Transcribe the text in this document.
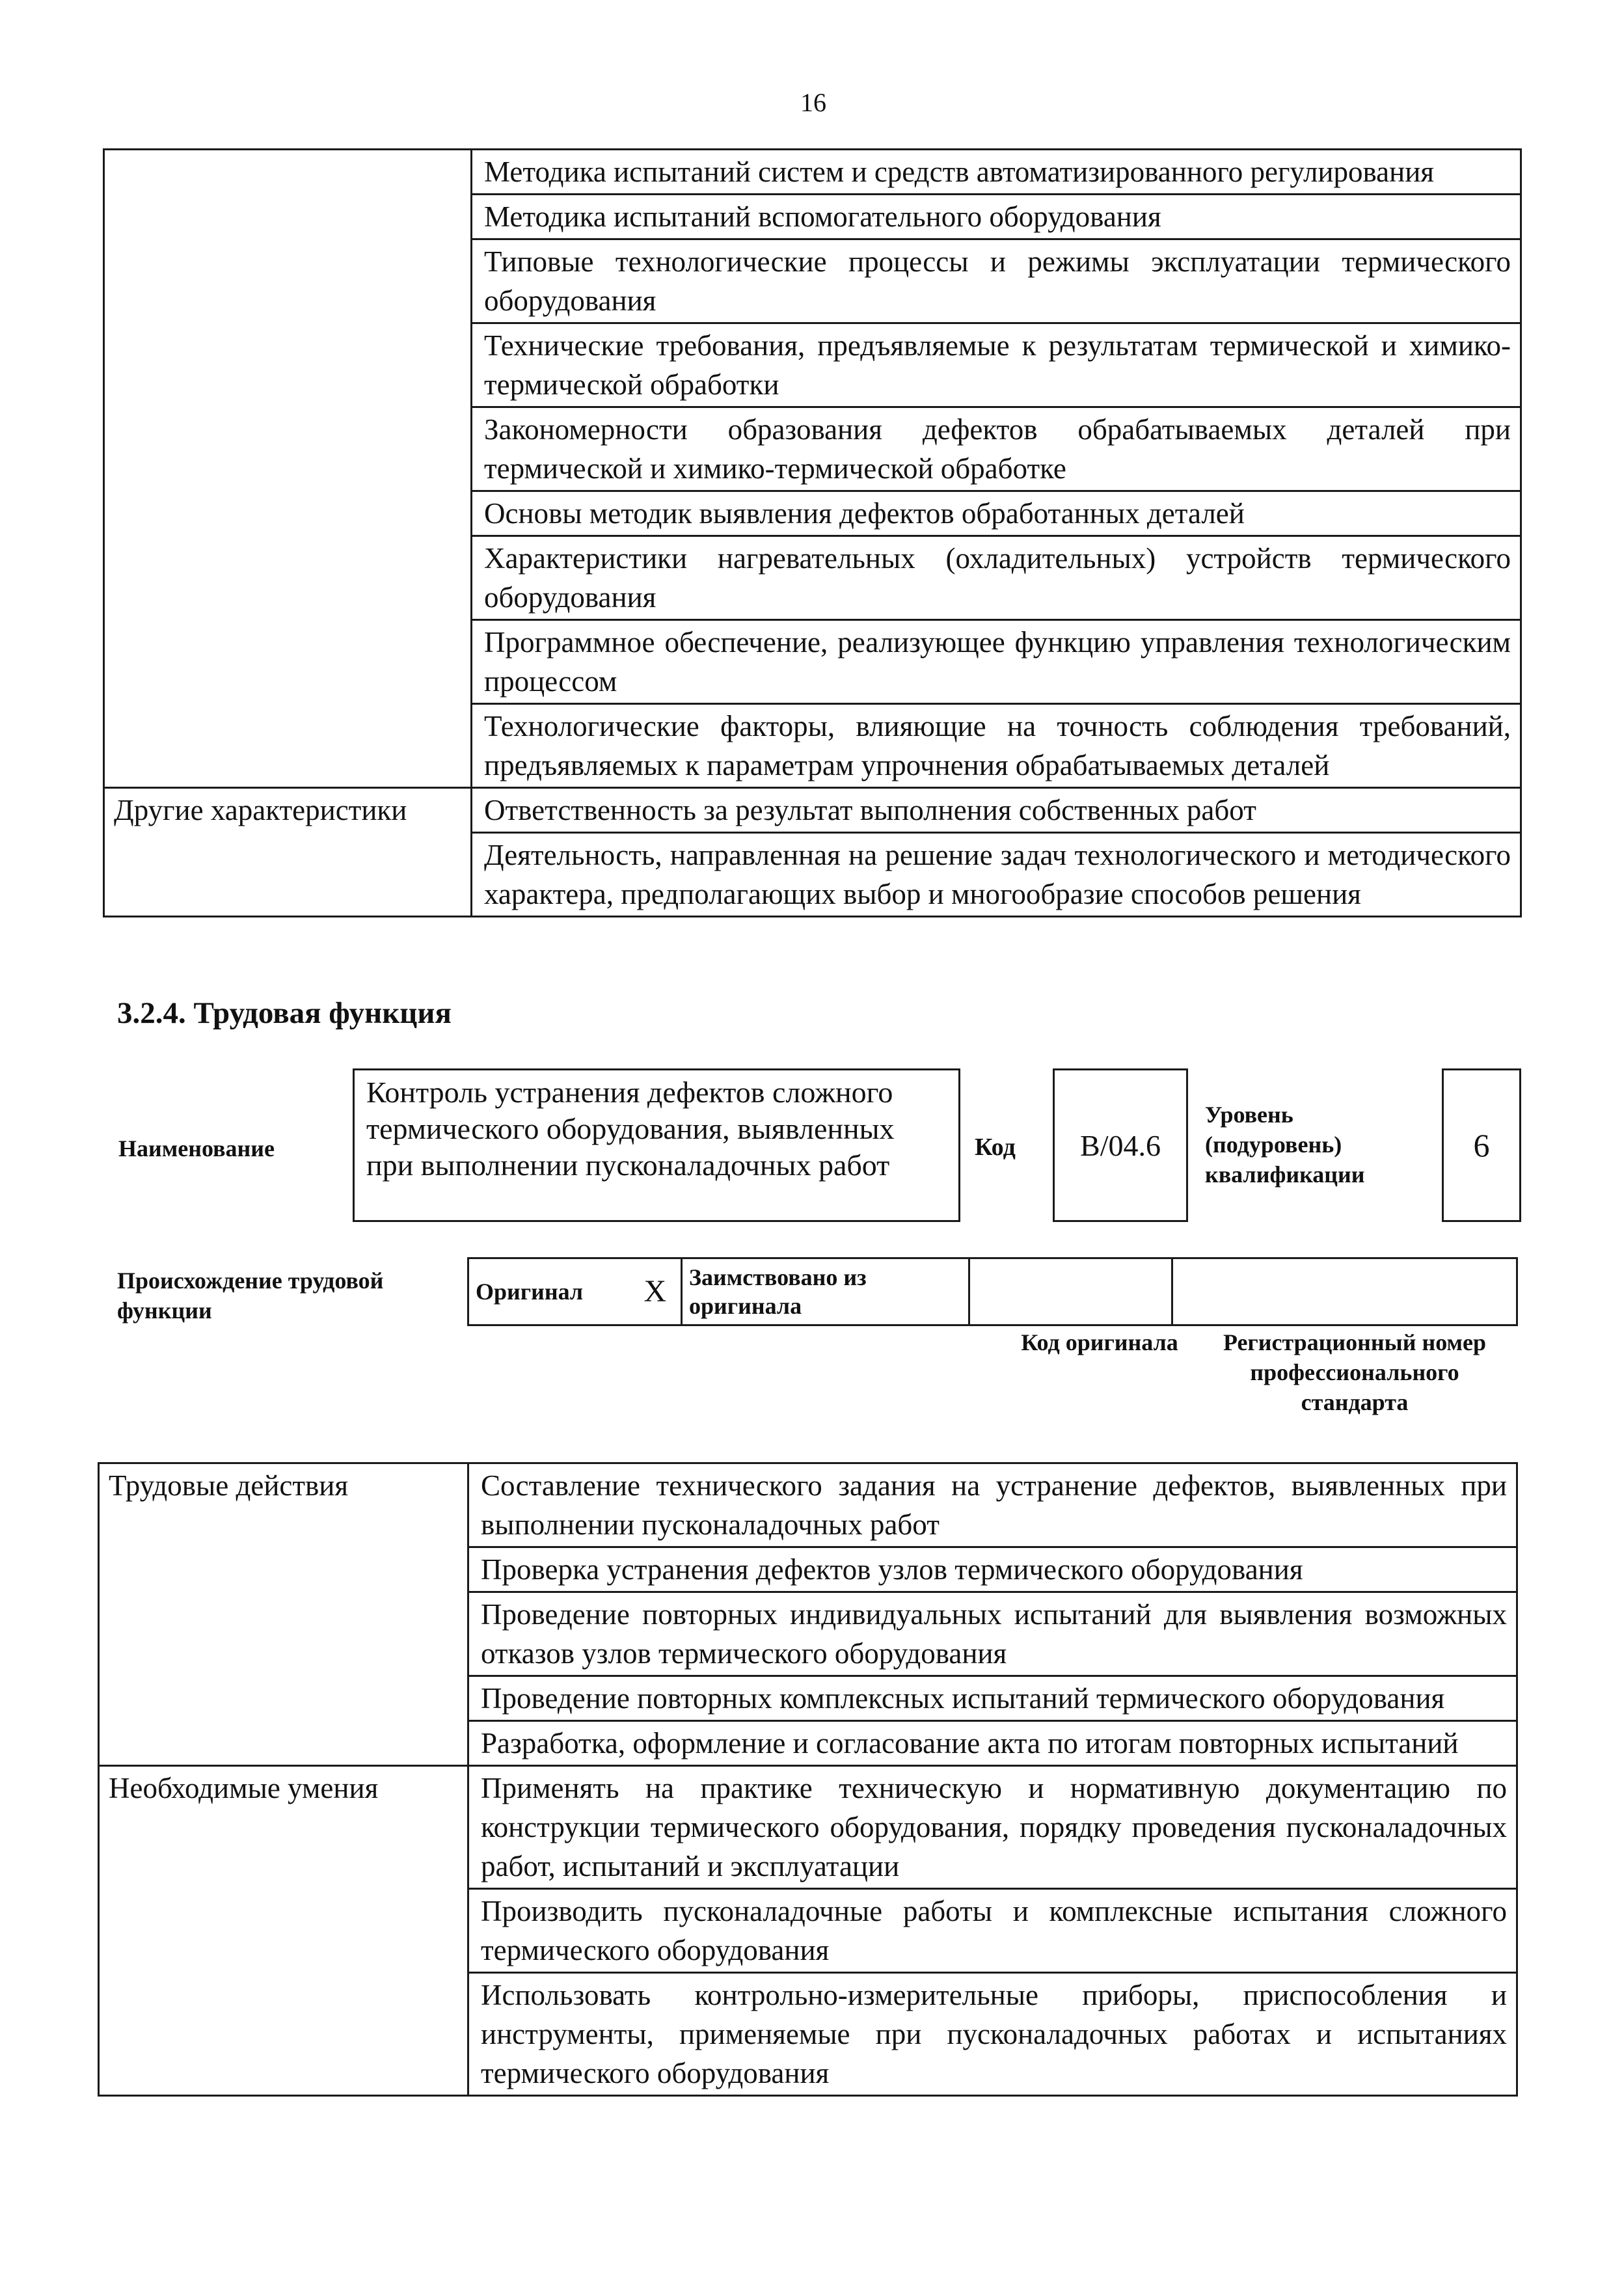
16
	Методика испытаний систем и средств автоматизированного регулирования
	Методика испытаний вспомогательного оборудования
	Типовые технологические процессы и режимы эксплуатации термического оборудования
	Технические требования, предъявляемые к результатам термической и химико-термической обработки
	Закономерности образования дефектов обрабатываемых деталей при термической и химико-термической обработке
	Основы методик выявления дефектов обработанных деталей
	Характеристики нагревательных (охладительных) устройств термического оборудования
	Программное обеспечение, реализующее функцию управления технологическим процессом
	Технологические факторы, влияющие на точность соблюдения требований, предъявляемых к параметрам упрочнения обрабатываемых деталей
Другие характеристики	Ответственность за результат выполнения собственных работ
	Деятельность, направленная на решение задач технологического и методического характера, предполагающих выбор и многообразие способов решения
3.2.4. Трудовая функция
Наименование
Контроль устранения дефектов сложного термического оборудования, выявленных при выполнении пусконаладочных работ
Код	В/04.6
Уровень (подуровень) квалификации
6
Происхождение трудовой функции
Оригинал	X	Заимствовано из оригинала		
Код оригинала	Регистрационный номер профессионального стандарта
Трудовые действия	Составление технического задания на устранение дефектов, выявленных при выполнении пусконаладочных работ
	Проверка устранения дефектов узлов термического оборудования
	Проведение повторных индивидуальных испытаний для выявления возможных отказов узлов термического оборудования
	Проведение повторных комплексных испытаний термического оборудования
	Разработка, оформление и согласование акта по итогам повторных испытаний
Необходимые умения	Применять на практике техническую и нормативную документацию по конструкции термического оборудования, порядку проведения пусконаладочных работ, испытаний и эксплуатации
	Производить пусконаладочные работы и комплексные испытания сложного термического оборудования
	Использовать контрольно-измерительные приборы, приспособления и инструменты, применяемые при пусконаладочных работах и испытаниях термического оборудования
